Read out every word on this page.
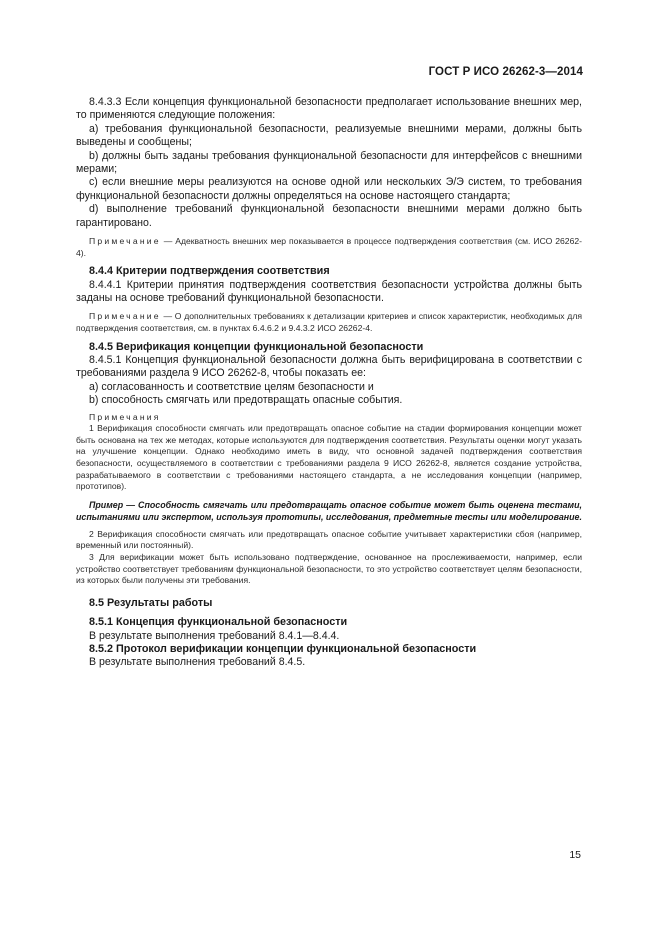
ГОСТ Р ИСО 26262-3—2014

8.4.3.3 Если концепция функциональной безопасности предполагает использование внешних мер, то применяются следующие положения:

а) требования функциональной безопасности, реализуемые внешними мерами, должны быть выведены и сообщены;

b) должны быть заданы требования функциональной безопасности для интерфейсов с внешними мерами;

с) если внешние меры реализуются на основе одной или нескольких Э/Э систем, то требования функциональной безопасности должны определяться на основе настоящего стандарта;

d) выполнение требований функциональной безопасности внешними мерами должно быть гарантировано.

Примечание — Адекватность внешних мер показывается в процессе подтверждения соответствия (см. ИСО 26262-4).

8.4.4 Критерии подтверждения соответствия

8.4.4.1 Критерии принятия подтверждения соответствия безопасности устройства должны быть заданы на основе требований функциональной безопасности.

Примечание — О дополнительных требованиях к детализации критериев и список характеристик, необходимых для подтверждения соответствия, см. в пунктах 6.4.6.2 и 9.4.3.2 ИСО 26262-4.

8.4.5 Верификация концепции функциональной безопасности

8.4.5.1 Концепция функциональной безопасности должна быть верифицирована в соответствии с требованиями раздела 9 ИСО 26262-8, чтобы показать ее:

а) согласованность и соответствие целям безопасности и

b) способность смягчать или предотвращать опасные события.

Примечания

1 Верификация способности смягчать или предотвращать опасное событие на стадии формирования концепции может быть основана на тех же методах, которые используются для подтверждения соответствия. Результаты оценки могут указать на улучшение концепции. Однако необходимо иметь в виду, что основной задачей подтверждения соответствия безопасности, осуществляемого в соответствии с требованиями раздела 9 ИСО 26262-8, является создание устройства, разрабатываемого в соответствии с требованиями настоящего стандарта, а не исследования концепции (например, прототипов).

Пример — Способность смягчать или предотвращать опасное событие может быть оценена тестами, испытаниями или экспертом, используя прототипы, исследования, предметные тесты или моделирование.

2 Верификация способности смягчать или предотвращать опасное событие учитывает характеристики сбоя (например, временный или постоянный).

3 Для верификации может быть использовано подтверждение, основанное на прослеживаемости, например, если устройство соответствует требованиям функциональной безопасности, то это устройство соответствует целям безопасности, из которых были получены эти требования.

8.5 Результаты работы

8.5.1 Концепция функциональной безопасности

В результате выполнения требований 8.4.1—8.4.4.

8.5.2 Протокол верификации концепции функциональной безопасности

В результате выполнения требований 8.4.5.

15
